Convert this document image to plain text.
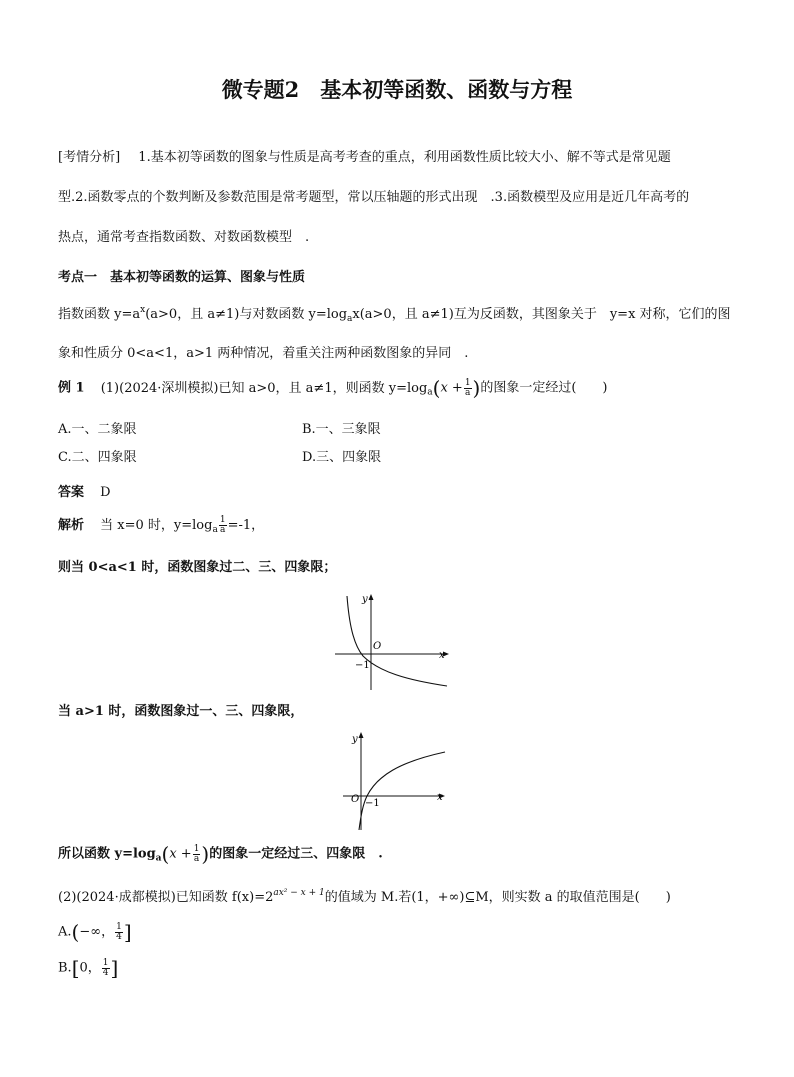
微专题2　基本初等函数、函数与方程
[考情分析] 1.基本初等函数的图象与性质是高考考查的重点，利用函数性质比较大小、解不等式是常见题
型.2.函数零点的个数判断及参数范围是常考题型，常以压轴题的形式出现　.3.函数模型及应用是近几年高考的
热点，通常考查指数函数、对数函数模型　.
考点一　基本初等函数的运算、图象与性质
指数函数 $y=a^x(a>0$，且 a≠1)与对数函数 $y=\log_ax(a>0$，且 a≠1)互为反函数，其图象关于　y=x 对称，它们的图
象和性质分 0<a<1，a>1 两种情况，着重关注两种函数图象的异同　.
例 1 (1)(2024·深圳模拟)已知 a>0，且 a≠1，则函数 $y=\log_a(x + \frac{1}{a}$ )的图象一定经过(　　)
A.一、二象限	B.一、三象限
C.二、四象限	D.三、四象限
答案 D
解析 当 x=0 时，$y=\log_a \frac{1}{a} =-1$，
则当 0<a<1 时，函数图象过二、三、四象限；
y
x
O
−1
当 a>1 时，函数图象过一、三、四象限，
y
x
O −1
所以函数 $y=\log_a(x + \frac{1}{a}$ )的图象一定经过三、四象限　.
(2)(2024·成都模拟)已知函数 $f(x)=2^{ax^2 - x + 1}$的值域为 M.若(1，+∞)⊆M，则实数 a 的取值范围是(　　)
A.(−∞， $\frac{1}{4}$ ]
B.[0， $\frac{1}{4}$ ]
